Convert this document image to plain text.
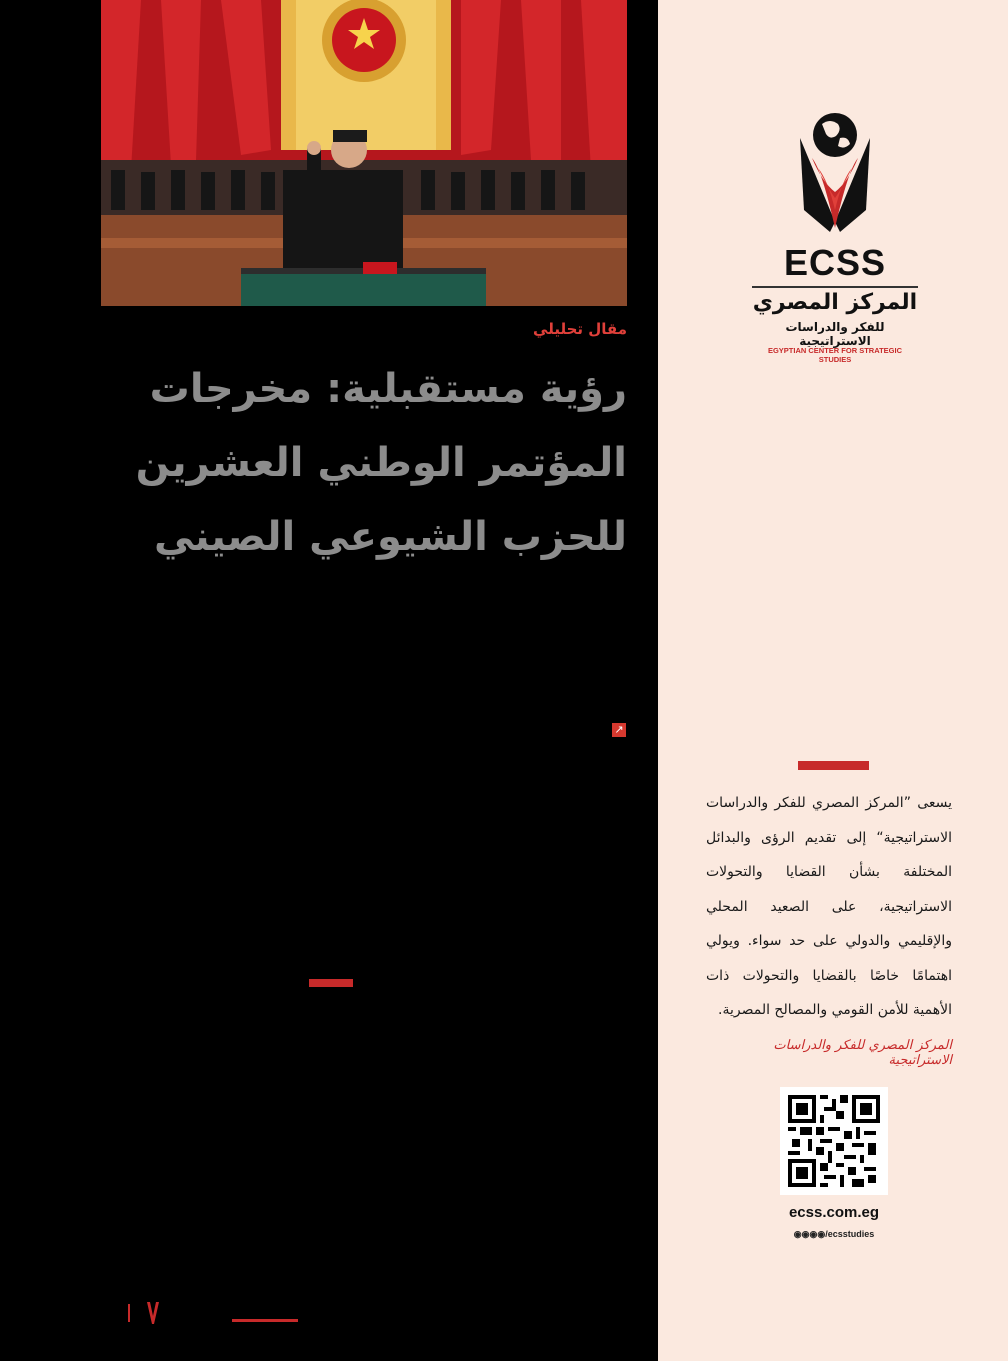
مقال تحليلي
رؤية مستقبلية: مخرجات
المؤتمر الوطني العشرين
للحزب الشيوعي الصيني
↗
ECSS
المركز المصري
للفكر والدراسات الاستراتيجية
EGYPTIAN CENTER FOR STRATEGIC STUDIES

يسعى ”المركز المصري للفكر والدراسات الاستراتيجية“ إلى تقديم الرؤى والبدائل المختلفة بشأن القضايا والتحولات الاستراتيجية، على الصعيد المحلي والإقليمي والدولي على حد سواء. ويولي اهتمامًا خاصًا بالقضايا والتحولات ذات الأهمية للأمن القومي والمصالح المصرية.

المركز المصري للفكر والدراسات الاستراتيجية
ecss.com.eg
◉◉◉◉/ecsstudies
